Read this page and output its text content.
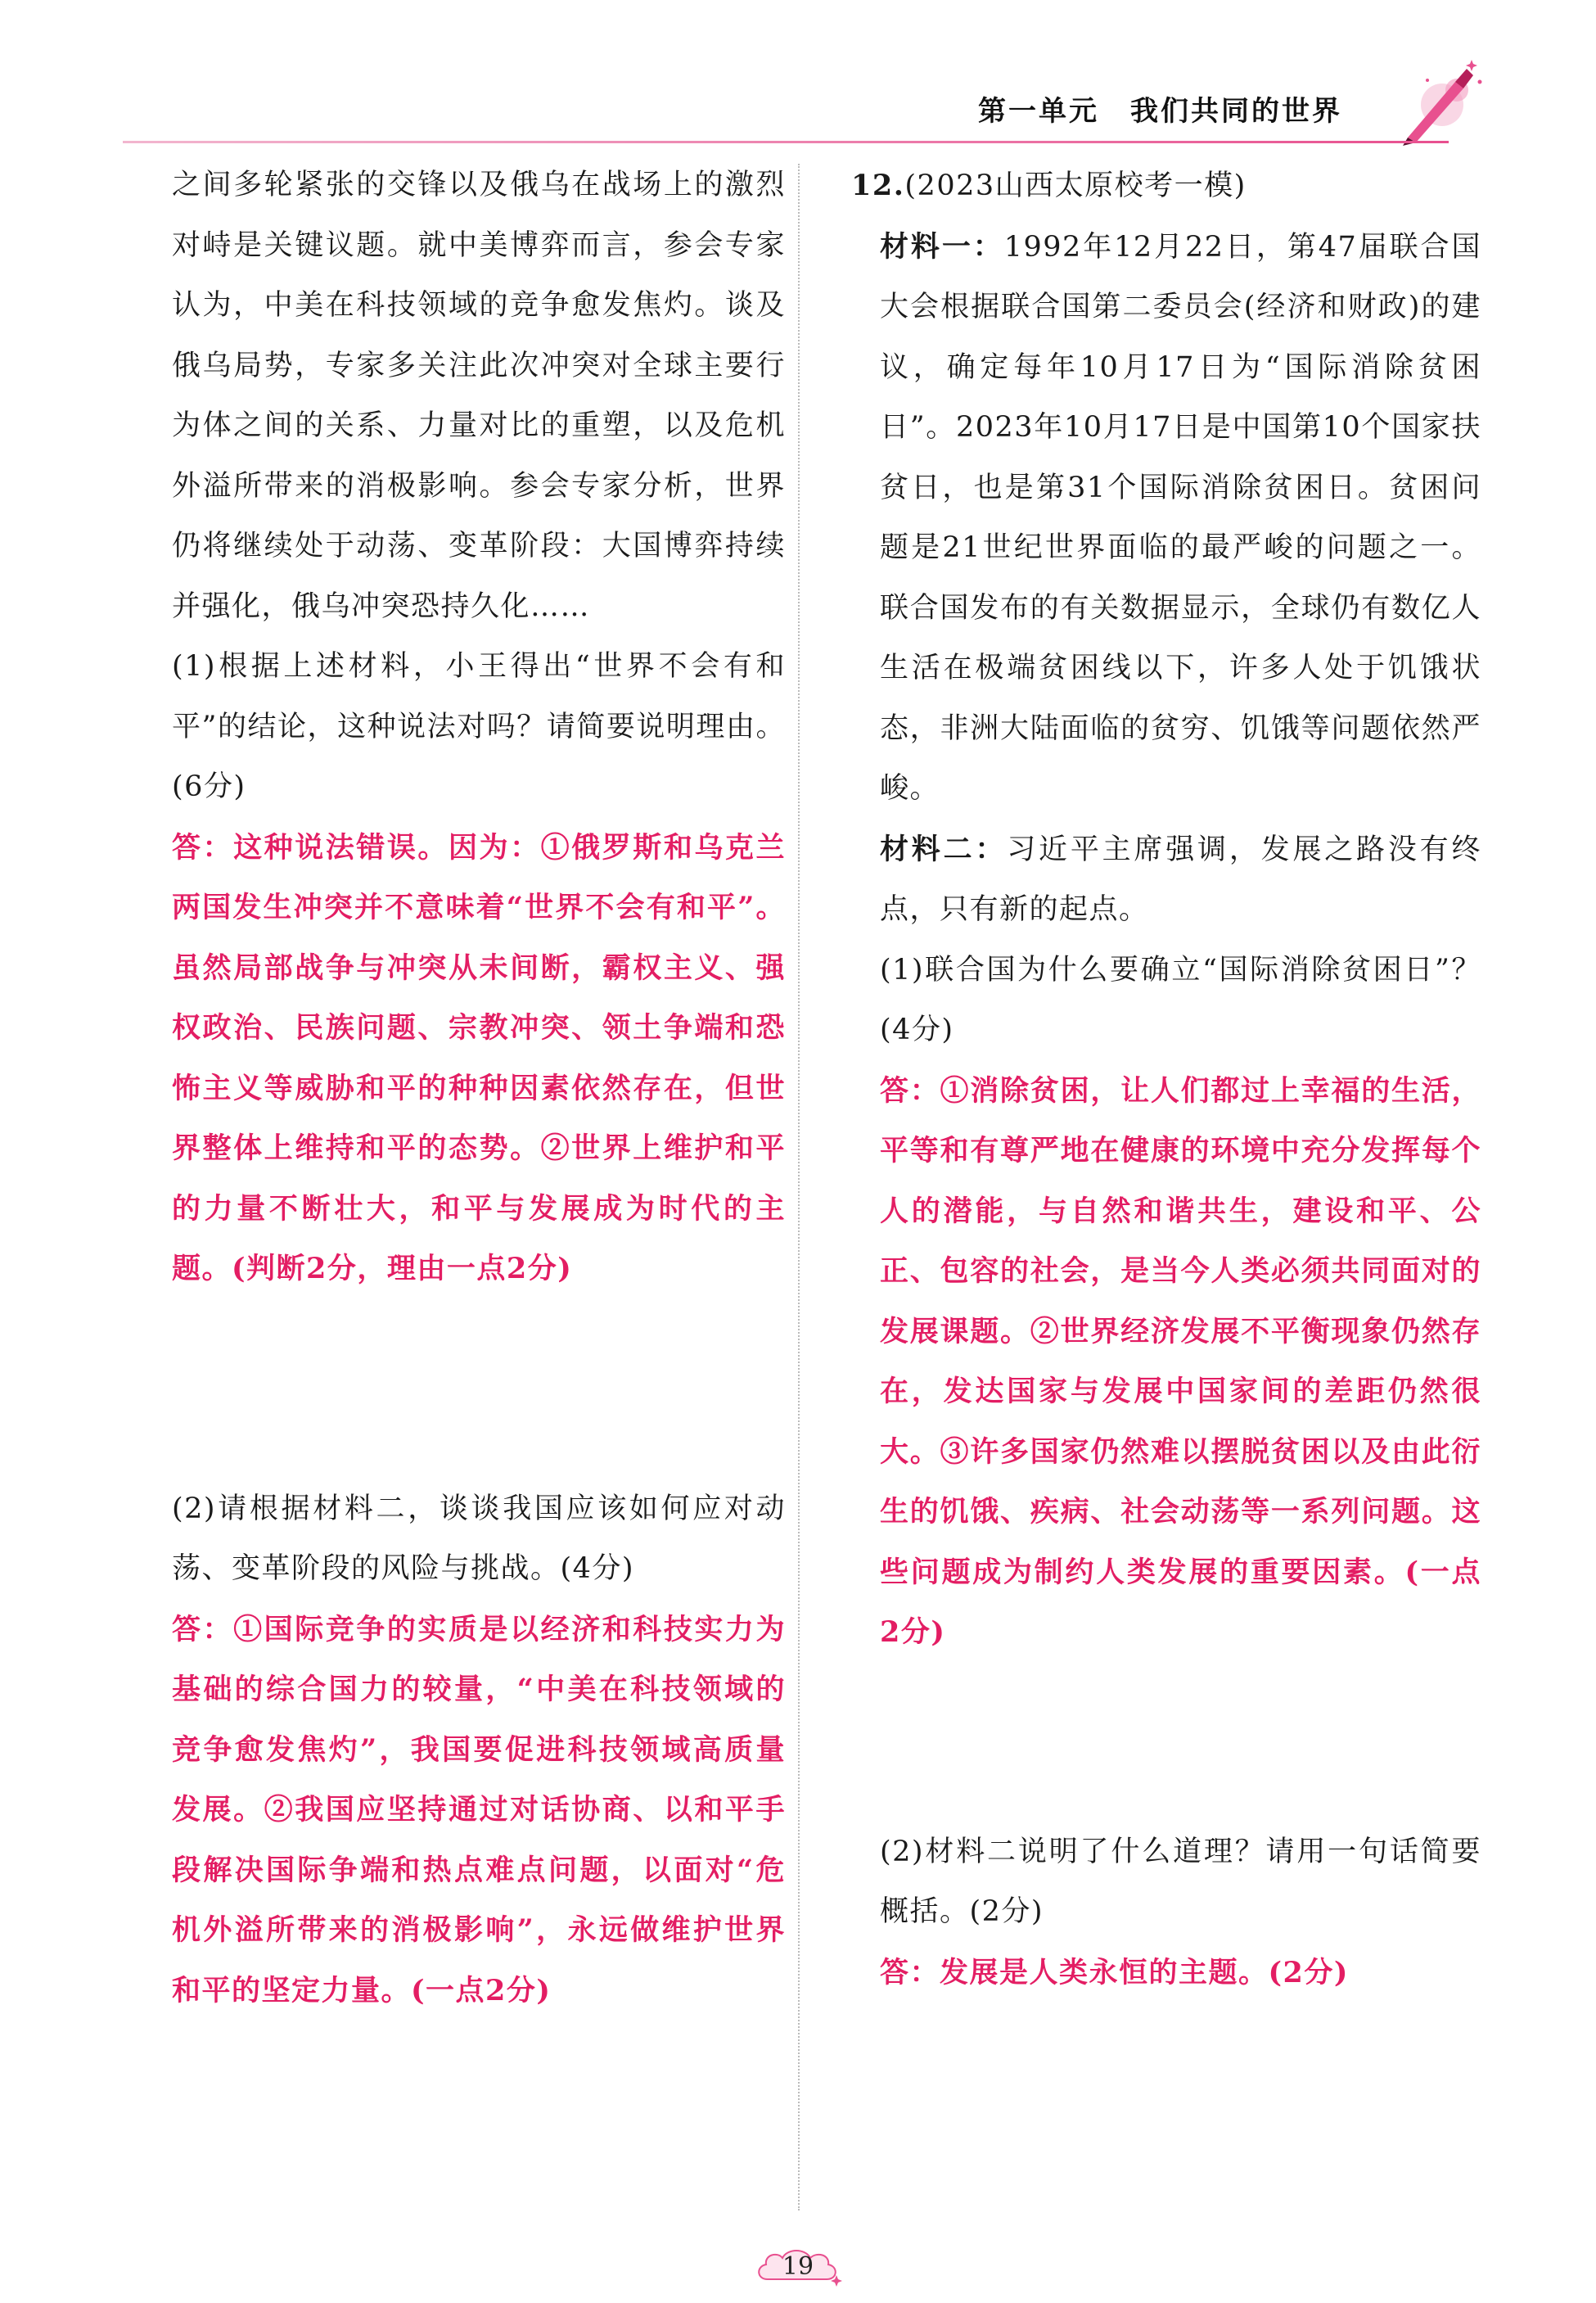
第一单元 我们共同的世界

之间多轮紧张的交锋以及俄乌在战场上的激烈对峙是关键议题。就中美博弈而言，参会专家认为，中美在科技领域的竞争愈发焦灼。谈及俄乌局势，专家多关注此次冲突对全球主要行为体之间的关系、力量对比的重塑，以及危机外溢所带来的消极影响。参会专家分析，世界仍将继续处于动荡、变革阶段：大国博弈持续并强化，俄乌冲突恐持久化……

(1)根据上述材料，小王得出“世界不会有和平”的结论，这种说法对吗？请简要说明理由。(6分)

答：这种说法错误。因为：①俄罗斯和乌克兰两国发生冲突并不意味着“世界不会有和平”。虽然局部战争与冲突从未间断，霸权主义、强权政治、民族问题、宗教冲突、领土争端和恐怖主义等威胁和平的种种因素依然存在，但世界整体上维持和平的态势。②世界上维护和平的力量不断壮大，和平与发展成为时代的主题。(判断2分，理由一点2分)

(2)请根据材料二，谈谈我国应该如何应对动荡、变革阶段的风险与挑战。(4分)

答：①国际竞争的实质是以经济和科技实力为基础的综合国力的较量，“中美在科技领域的竞争愈发焦灼”，我国要促进科技领域高质量发展。②我国应坚持通过对话协商、以和平手段解决国际争端和热点难点问题，以面对“危机外溢所带来的消极影响”，永远做维护世界和平的坚定力量。(一点2分)

12.(2023山西太原校考一模)

材料一：1992年12月22日，第47届联合国大会根据联合国第二委员会(经济和财政)的建议，确定每年10月17日为“国际消除贫困日”。2023年10月17日是中国第10个国家扶贫日，也是第31个国际消除贫困日。贫困问题是21世纪世界面临的最严峻的问题之一。联合国发布的有关数据显示，全球仍有数亿人生活在极端贫困线以下，许多人处于饥饿状态，非洲大陆面临的贫穷、饥饿等问题依然严峻。

材料二：习近平主席强调，发展之路没有终点，只有新的起点。

(1)联合国为什么要确立“国际消除贫困日”？(4分)

答：①消除贫困，让人们都过上幸福的生活，平等和有尊严地在健康的环境中充分发挥每个人的潜能，与自然和谐共生，建设和平、公正、包容的社会，是当今人类必须共同面对的发展课题。②世界经济发展不平衡现象仍然存在，发达国家与发展中国家间的差距仍然很大。③许多国家仍然难以摆脱贫困以及由此衍生的饥饿、疾病、社会动荡等一系列问题。这些问题成为制约人类发展的重要因素。(一点2分)

(2)材料二说明了什么道理？请用一句话简要概括。(2分)

答：发展是人类永恒的主题。(2分)

19
